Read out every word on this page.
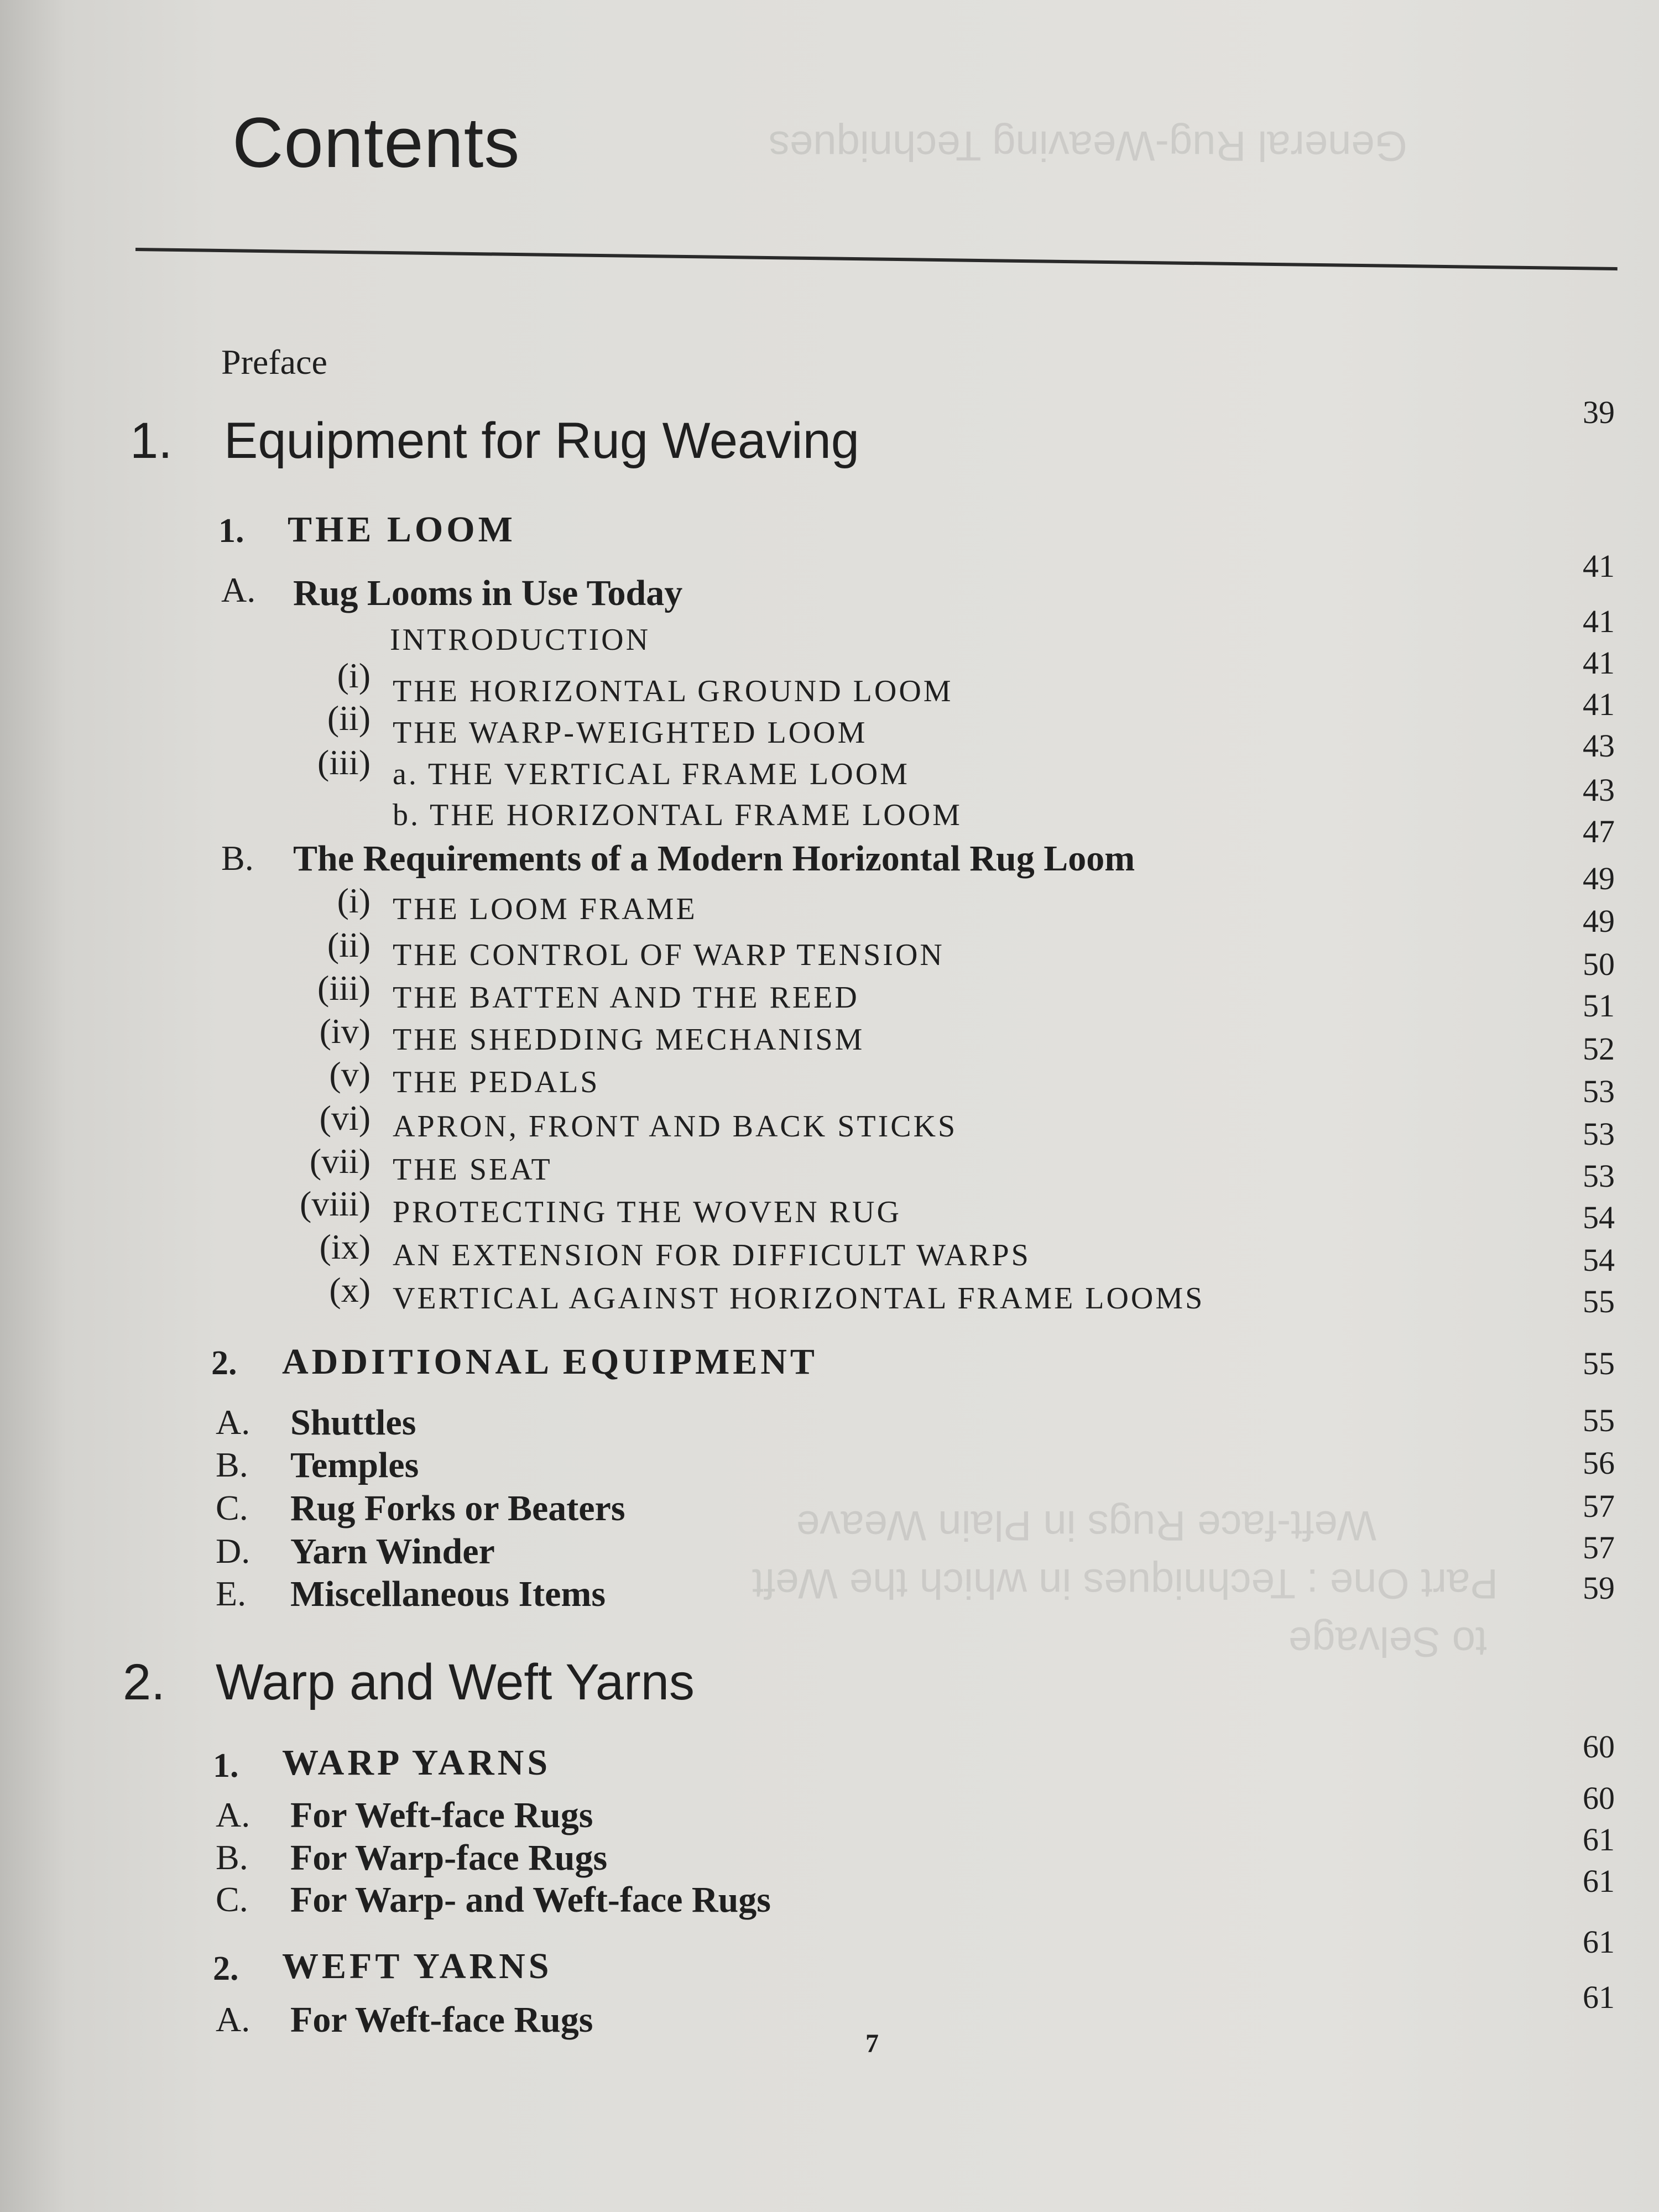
General Rug-Weaving Techniques
Weft-face Rugs in Plain Weave
Part One : Techniques in which the Weft
to Selvage
Contents
Preface
1. Equipment for Rug Weaving
1. THE LOOM
A. Rug Looms in Use Today
INTRODUCTION
(i) THE HORIZONTAL GROUND LOOM
(ii) THE WARP-WEIGHTED LOOM
(iii) a. THE VERTICAL FRAME LOOM
b. THE HORIZONTAL FRAME LOOM
B. The Requirements of a Modern Horizontal Rug Loom
(i) THE LOOM FRAME
(ii) THE CONTROL OF WARP TENSION
(iii) THE BATTEN AND THE REED
(iv) THE SHEDDING MECHANISM
(v) THE PEDALS
(vi) APRON, FRONT AND BACK STICKS
(vii) THE SEAT
(viii) PROTECTING THE WOVEN RUG
(ix) AN EXTENSION FOR DIFFICULT WARPS
(x) VERTICAL AGAINST HORIZONTAL FRAME LOOMS
2. ADDITIONAL EQUIPMENT
A. Shuttles
B. Temples
C. Rug Forks or Beaters
D. Yarn Winder
E. Miscellaneous Items
2. Warp and Weft Yarns
1. WARP YARNS
A. For Weft-face Rugs
B. For Warp-face Rugs
C. For Warp- and Weft-face Rugs
2. WEFT YARNS
A. For Weft-face Rugs
39
41
41
41
41
43
43
47
49
49
50
51
52
53
53
53
54
54
55
55
55
56
57
57
59
60
60
61
61
61
61
7
